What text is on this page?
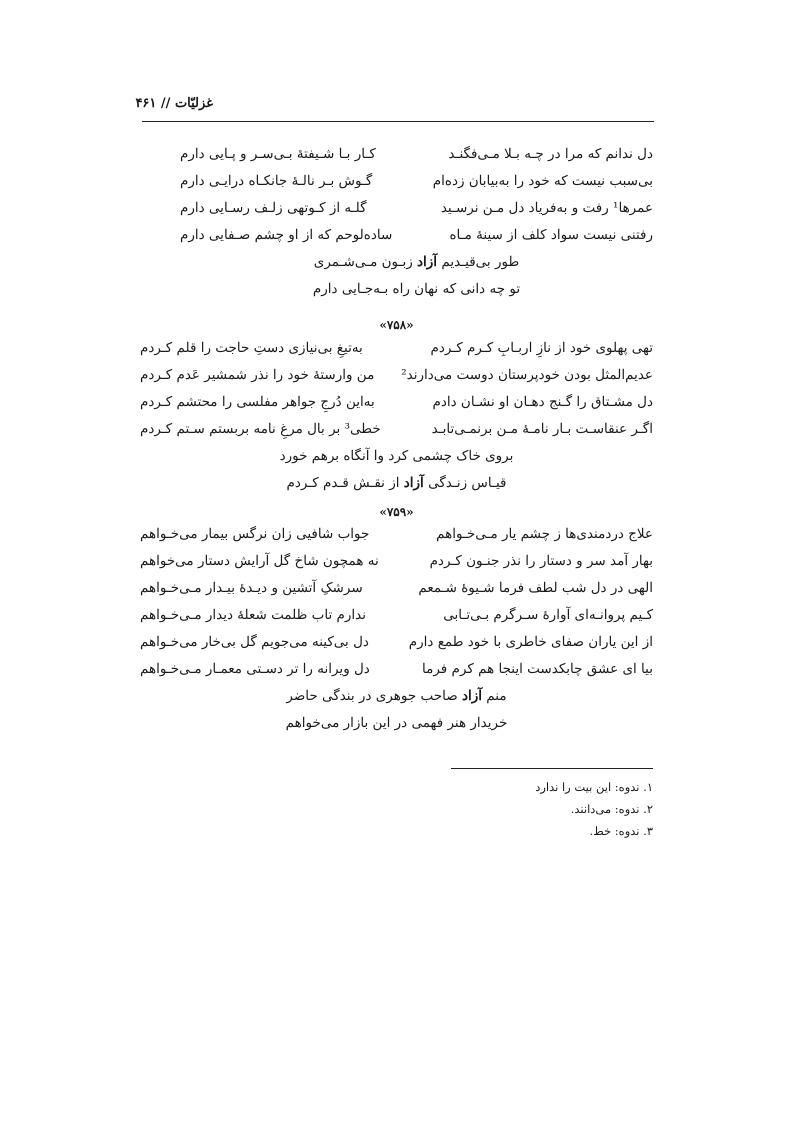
غزلیّات // ۴۶۱
دل ندانم که مرا در چـه بـلا مـی‌فگنـد
کـار بـا شـیفتهٔ بـی‌سـر و پـایی دارم
بی‌سبب نیست که خود را به‌بیابان زده‌ام
گـوش بـر نالـهٔ جانکـاه درایـی دارم
عمرها¹ رفت و به‌فریاد دل مـن نرسـید
گلـه از کـوتهی زلـف رسـایی دارم
رفتنی نیست سواد کلف از سینهٔ مـاه
ساده‌لوحم که از او چشم صـفایی دارم
طور بی‌قیـدیم آزاد زبـون مـی‌شـمری
تو چه دانی که نهان راه بـه‌جـایی دارم
«۷۵۸»
تهی پهلوی خود از نازِ اربـابِ کـرم کـردم
به‌تیغِ بی‌نیازی دستِ حاجت را قلم کـردم
عدیم‌المثل بودن خودپرستان دوست می‌دارند²
من وارستهٔ خود را نذر شمشیر عَدم کـردم
دل مشـتاق را گـنج دهـان او نشـان دادم
به‌این دُرجِ جواهر مفلسی را محتشم کـردم
اگـر عنقاسـت بـار نامـهٔ مـن برنمـی‌تابـد
خطی³ بر بال مرغِ نامه بربستم سـتم کـردم
بروی خاک چشمی کرد وا آنگاه برهم خورد
قیـاس زنـدگی آزاد از نقـش قـدم کـردم
«۷۵۹»
علاج دردمندی‌ها ز چشم یار مـی‌خـواهم
جواب شافیی زان نرگس بیمار می‌خـواهم
بهار آمد سر و دستار را نذر جنـون کـردم
نه همچون شاخ گل آرایش دستار می‌خواهم
الهی در دل شب لطف فرما شـیوهٔ شـمعم
سرشکِ آتشین و دیـدهٔ بیـدار مـی‌خـواهم
کـیم پروانـه‌ای آوارهٔ سـرگرم بـی‌تـابی
ندارم تاب ظلمت شعلهٔ دیدار مـی‌خـواهم
از این یاران صفای خاطری با خود طمع دارم
دل بی‌کینه می‌جویم گل بی‌خار می‌خـواهم
بیا ای عشق چابکدست اینجا هم کرم فرما
دل ویرانه را تر دسـتی معمـار مـی‌خـواهم
منم آزاد صاحب جوهری در بندگی حاضر
خریدار هنر فهمی در این بازار می‌خواهم
۱. ندوه: این بیت را ندارد
۲. ندوه: می‌دانند.
۳. ندوه: خط.
